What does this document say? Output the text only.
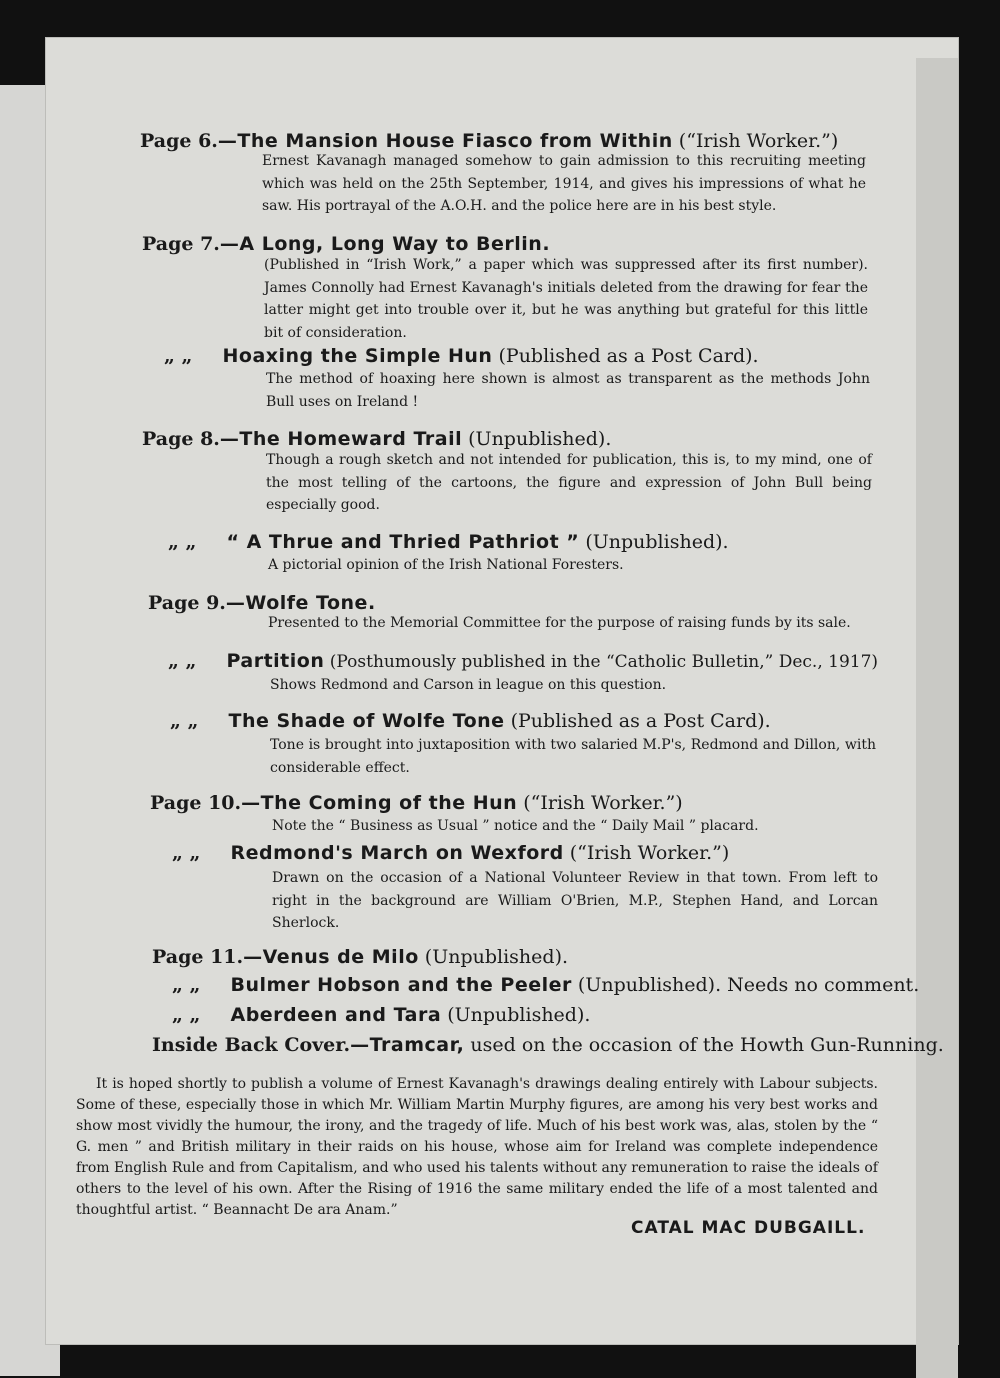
Page 6.—The Mansion House Fiasco from Within (“Irish Worker.”)

Ernest Kavanagh managed somehow to gain admission to this recruiting meeting which was held on the 25th September, 1914, and gives his impressions of what he saw. His portrayal of the A.O.H. and the police here are in his best style.

Page 7.—A Long, Long Way to Berlin.

(Published in “Irish Work,” a paper which was suppressed after its first number). James Connolly had Ernest Kavanagh's initials deleted from the drawing for fear the latter might get into trouble over it, but he was anything but grateful for this little bit of consideration.

„ „ Hoaxing the Simple Hun (Published as a Post Card).

The method of hoaxing here shown is almost as transparent as the methods John Bull uses on Ireland !

Page 8.—The Homeward Trail (Unpublished).

Though a rough sketch and not intended for publication, this is, to my mind, one of the most telling of the cartoons, the figure and expression of John Bull being especially good.

„ „ “ A Thrue and Thried Pathriot ” (Unpublished).

A pictorial opinion of the Irish National Foresters.

Page 9.—Wolfe Tone.

Presented to the Memorial Committee for the purpose of raising funds by its sale.

„ „ Partition (Posthumously published in the “Catholic Bulletin,” Dec., 1917)

Shows Redmond and Carson in league on this question.

„ „ The Shade of Wolfe Tone (Published as a Post Card).

Tone is brought into juxtaposition with two salaried M.P's, Redmond and Dillon, with considerable effect.

Page 10.—The Coming of the Hun (“Irish Worker.”)

Note the “ Business as Usual ” notice and the “ Daily Mail ” placard.

„ „ Redmond's March on Wexford (“Irish Worker.”)

Drawn on the occasion of a National Volunteer Review in that town. From left to right in the background are William O'Brien, M.P., Stephen Hand, and Lorcan Sherlock.

Page 11.—Venus de Milo (Unpublished).
„ „ Bulmer Hobson and the Peeler (Unpublished). Needs no comment.
„ „ Aberdeen and Tara (Unpublished).
Inside Back Cover.—Tramcar, used on the occasion of the Howth Gun-Running.

It is hoped shortly to publish a volume of Ernest Kavanagh's drawings dealing entirely with Labour subjects. Some of these, especially those in which Mr. William Martin Murphy figures, are among his very best works and show most vividly the humour, the irony, and the tragedy of life. Much of his best work was, alas, stolen by the “ G. men ” and British military in their raids on his house, whose aim for Ireland was complete independence from English Rule and from Capitalism, and who used his talents without any remuneration to raise the ideals of others to the level of his own. After the Rising of 1916 the same military ended the life of a most talented and thoughtful artist. “ Beannacht De ara Anam.”

CATAL MAC DUBGAILL.
